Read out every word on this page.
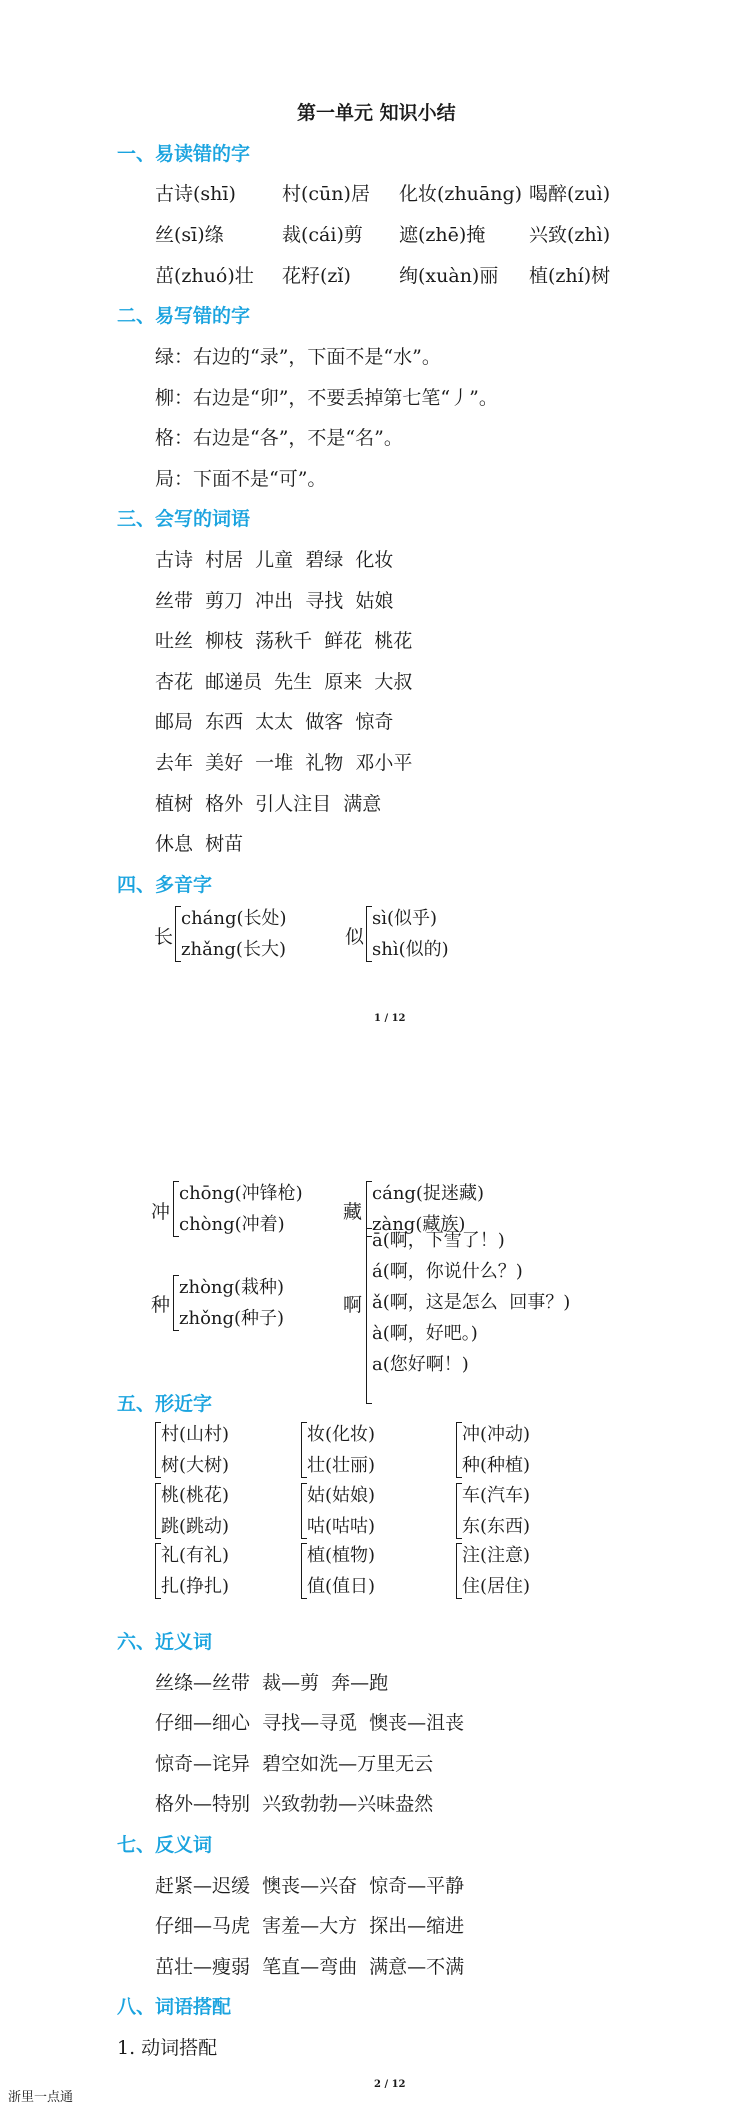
第一单元 知识小结
一、易读错的字
古诗(shī) 村(cūn)居 化妆(zhuāng) 喝醉(zuì)
丝(sī)绦	裁(cái)剪 遮(zhē)掩 兴致(zhì)
茁(zhuó)壮 花籽(zǐ)	绚(xuàn)丽 植(zhí)树
二、易写错的字
绿：右边的“录”，下面不是“水”。
柳：右边是“卯”，不要丢掉第七笔“丿”。
格：右边是“各”，不是“名”。
局：下面不是“可”。
三、会写的词语
古诗  村居  儿童  碧绿  化妆
丝带  剪刀  冲出  寻找  姑娘
吐丝  柳枝  荡秋千  鲜花  桃花
杏花  邮递员  先生  原来  大叔
邮局  东西  太太  做客  惊奇
去年  美好  一堆  礼物  邓小平
植树  格外  引人注目  满意
休息  树苗
四、多音字
长
cháng(长处)
zhǎng(长大)
似
sì(似乎)
shì(似的)
1 / 12
冲
chōng(冲锋枪)
chòng(冲着)
藏
cáng(捉迷藏)
zàng(藏族)
种
zhòng(栽种)
zhǒng(种子)
啊
ā(啊，下雪了！)
á(啊，你说什么？)
ǎ(啊，这是怎么  回事？)
à(啊，好吧。)
a(您好啊！)
五、形近字
村(山村)
树(大树)
妆(化妆)
壮(壮丽)
冲(冲动)
种(种植)
桃(桃花)
跳(跳动)
姑(姑娘)
咕(咕咕)
车(汽车)
东(东西)
礼(有礼)
扎(挣扎)
植(植物)
值(值日)
注(注意)
住(居住)
六、近义词
丝绦—丝带  裁—剪  奔—跑
仔细—细心  寻找—寻觅  懊丧—沮丧
惊奇—诧异  碧空如洗—万里无云
格外—特别  兴致勃勃—兴味盎然
七、反义词
赶紧—迟缓  懊丧—兴奋  惊奇—平静
仔细—马虎  害羞—大方  探出—缩进
茁壮—瘦弱  笔直—弯曲  满意—不满
八、词语搭配
1. 动词搭配
2 / 12
浙里一点通
